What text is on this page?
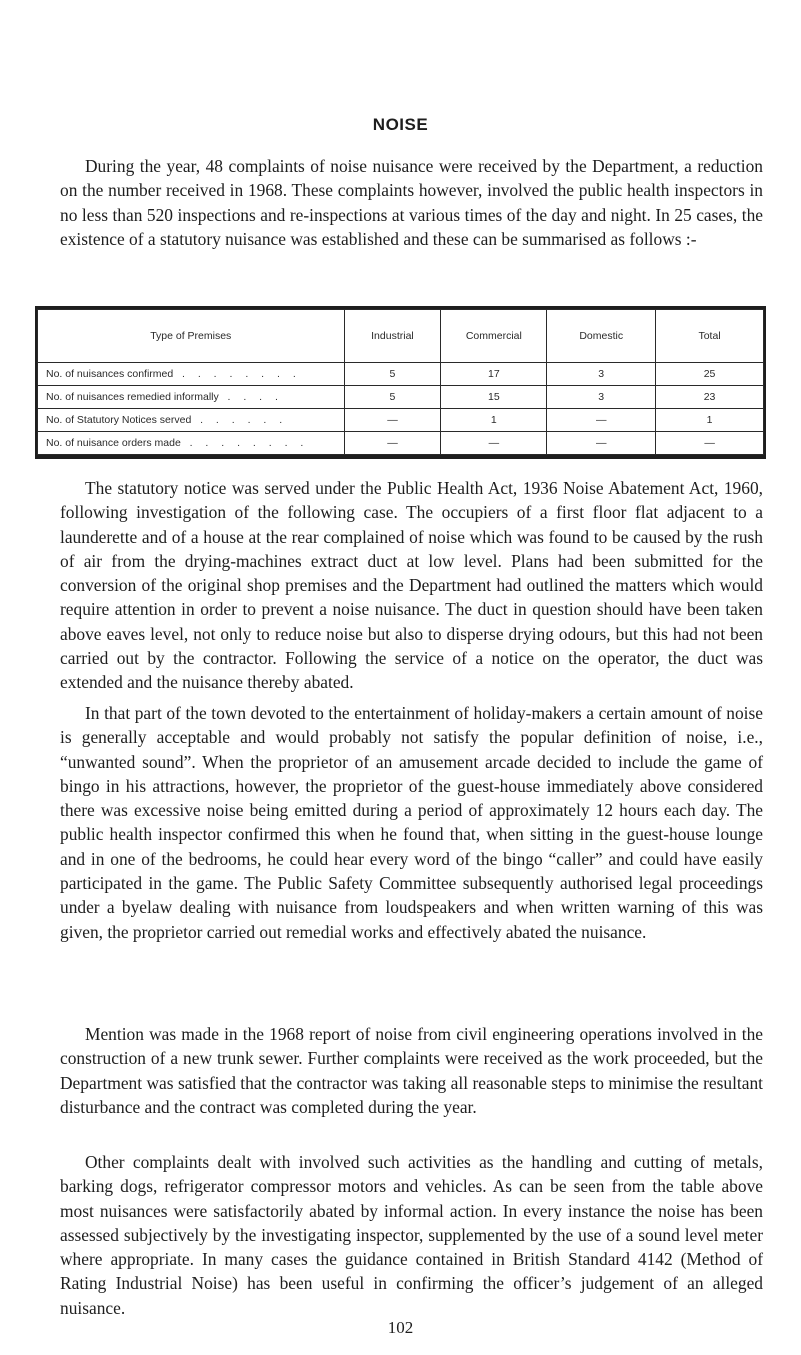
NOISE

During the year, 48 complaints of noise nuisance were received by the Department, a reduction on the number received in 1968. These complaints however, involved the public health inspectors in no less than 520 inspections and re-inspections at various times of the day and night. In 25 cases, the existence of a statutory nuisance was established and these can be summarised as follows :-

Type of Premises	Industrial	Commercial	Domestic	Total
No. of nuisances confirmed . . . . . . . .	5	17	3	25
No. of nuisances remedied informally . . . .	5	15	3	23
No. of Statutory Notices served . . . . . .	—	1	—	1
No. of nuisance orders made . . . . . . . .	—	—	—	—

The statutory notice was served under the Public Health Act, 1936 Noise Abatement Act, 1960, following investigation of the following case. The occupiers of a first floor flat adjacent to a launderette and of a house at the rear complained of noise which was found to be caused by the rush of air from the drying-machines extract duct at low level. Plans had been submitted for the conversion of the original shop premises and the Department had outlined the matters which would require attention in order to prevent a noise nuisance. The duct in question should have been taken above eaves level, not only to reduce noise but also to disperse drying odours, but this had not been carried out by the contractor. Following the service of a notice on the operator, the duct was extended and the nuisance thereby abated.

In that part of the town devoted to the entertainment of holiday-makers a certain amount of noise is generally acceptable and would probably not satisfy the popular definition of noise, i.e., “unwanted sound”. When the proprietor of an amusement arcade decided to include the game of bingo in his attractions, however, the proprietor of the guest-house immediately above considered there was excessive noise being emitted during a period of approximately 12 hours each day. The public health inspector confirmed this when he found that, when sitting in the guest-house lounge and in one of the bedrooms, he could hear every word of the bingo “caller” and could have easily participated in the game. The Public Safety Committee subsequently authorised legal proceedings under a byelaw dealing with nuisance from loudspeakers and when written warning of this was given, the proprietor carried out remedial works and effectively abated the nuisance.

Mention was made in the 1968 report of noise from civil engineering operations involved in the construction of a new trunk sewer. Further complaints were received as the work proceeded, but the Department was satisfied that the contractor was taking all reasonable steps to minimise the resultant disturbance and the contract was completed during the year.

Other complaints dealt with involved such activities as the handling and cutting of metals, barking dogs, refrigerator compressor motors and vehicles. As can be seen from the table above most nuisances were satisfactorily abated by informal action. In every instance the noise has been assessed subjectively by the investigating inspector, supplemented by the use of a sound level meter where appropriate. In many cases the guidance contained in British Standard 4142 (Method of Rating Industrial Noise) has been useful in confirming the officer’s judgement of an alleged nuisance.

102
